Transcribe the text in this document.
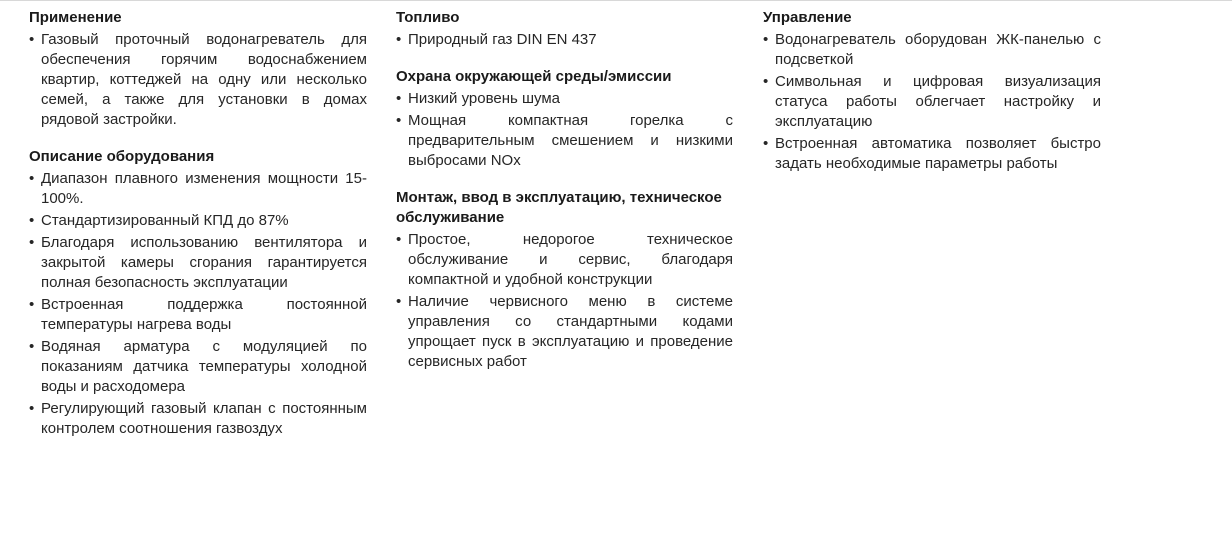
Применение
• Газовый проточный водонагреватель для обеспечения горячим водоснабжением квартир, коттеджей на одну или несколько семей, а также для установки в домах рядовой застройки.
Описание оборудования
• Диапазон плавного изменения мощности 15-100%.
• Стандартизированный КПД до 87%
• Благодаря использованию вентилятора и закрытой камеры сгорания гарантируется полная безопасность эксплуатации
• Встроенная поддержка постоянной температуры нагрева воды
• Водяная арматура с модуляцией по показаниям датчика температуры холодной воды и расходомера
• Регулирующий газовый клапан с постоянным контролем соотношения газвоздух
Топливо
• Природный газ DIN EN 437
Охрана окружающей среды/эмиссии
• Низкий уровень шума
• Мощная компактная горелка с предварительным смешением и низкими выбросами NOx
Монтаж, ввод в эксплуатацию, техническое обслуживание
• Простое, недорогое техническое обслуживание и сервис, благодаря компактной и удобной конструкции
• Наличие червисного меню в системе управления со стандартными кодами упрощает пуск в эксплуатацию и проведение сервисных работ
Управление
• Водонагреватель оборудован ЖК-панелью с подсветкой
• Символьная и цифровая визуализация статуса работы облегчает настройку и эксплуатацию
• Встроенная автоматика позволяет быстро задать необходимые параметры работы
